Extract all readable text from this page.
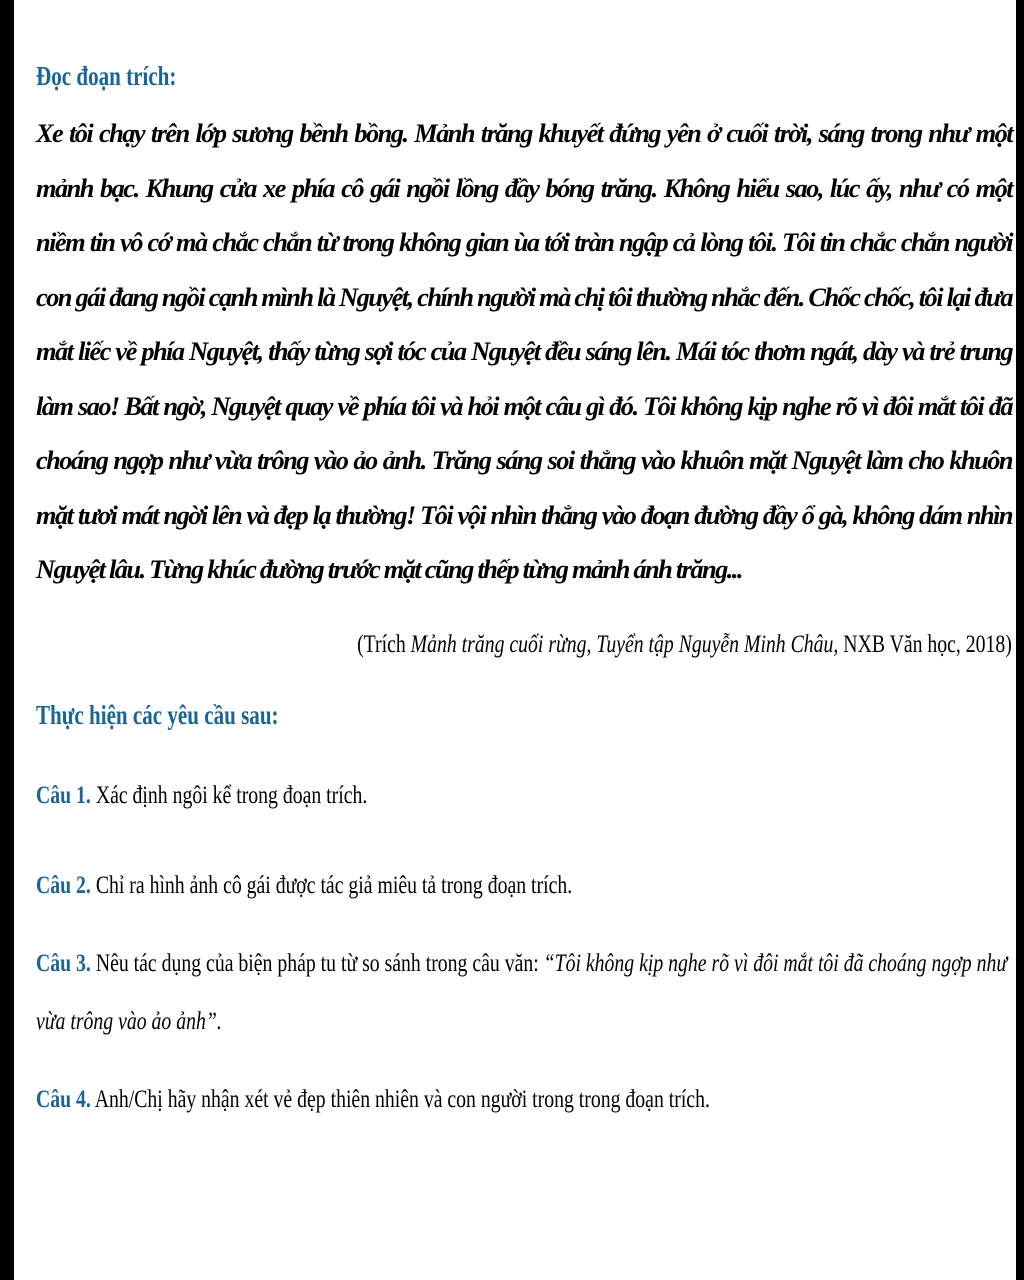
Đọc đoạn trích:
Xe tôi chạy trên lớp sương bềnh bồng. Mảnh trăng khuyết đứng yên ở cuối trời, sáng trong như một mảnh bạc. Khung cửa xe phía cô gái ngồi lồng đầy bóng trăng. Không hiểu sao, lúc ấy, như có một niềm tin vô cớ mà chắc chắn từ trong không gian ùa tới tràn ngập cả lòng tôi. Tôi tin chắc chắn người con gái đang ngồi cạnh mình là Nguyệt, chính người mà chị tôi thường nhắc đến. Chốc chốc, tôi lại đưa mắt liếc về phía Nguyệt, thấy từng sợi tóc của Nguyệt đều sáng lên. Mái tóc thơm ngát, dày và trẻ trung làm sao! Bất ngờ, Nguyệt quay về phía tôi và hỏi một câu gì đó. Tôi không kịp nghe rõ vì đôi mắt tôi đã choáng ngợp như vừa trông vào ảo ảnh. Trăng sáng soi thẳng vào khuôn mặt Nguyệt làm cho khuôn mặt tươi mát ngời lên và đẹp lạ thường! Tôi vội nhìn thẳng vào đoạn đường đầy ổ gà, không dám nhìn Nguyệt lâu. Từng khúc đường trước mặt cũng thếp từng mảnh ánh trăng...
(Trích Mảnh trăng cuối rừng, Tuyển tập Nguyễn Minh Châu, NXB Văn học, 2018)
Thực hiện các yêu cầu sau:
Câu 1. Xác định ngôi kể trong đoạn trích.
Câu 2. Chỉ ra hình ảnh cô gái được tác giả miêu tả trong đoạn trích.
Câu 3. Nêu tác dụng của biện pháp tu từ so sánh trong câu văn: “Tôi không kịp nghe rõ vì đôi mắt tôi đã choáng ngợp như vừa trông vào ảo ảnh”.
Câu 4. Anh/Chị hãy nhận xét vẻ đẹp thiên nhiên và con người trong trong đoạn trích.
